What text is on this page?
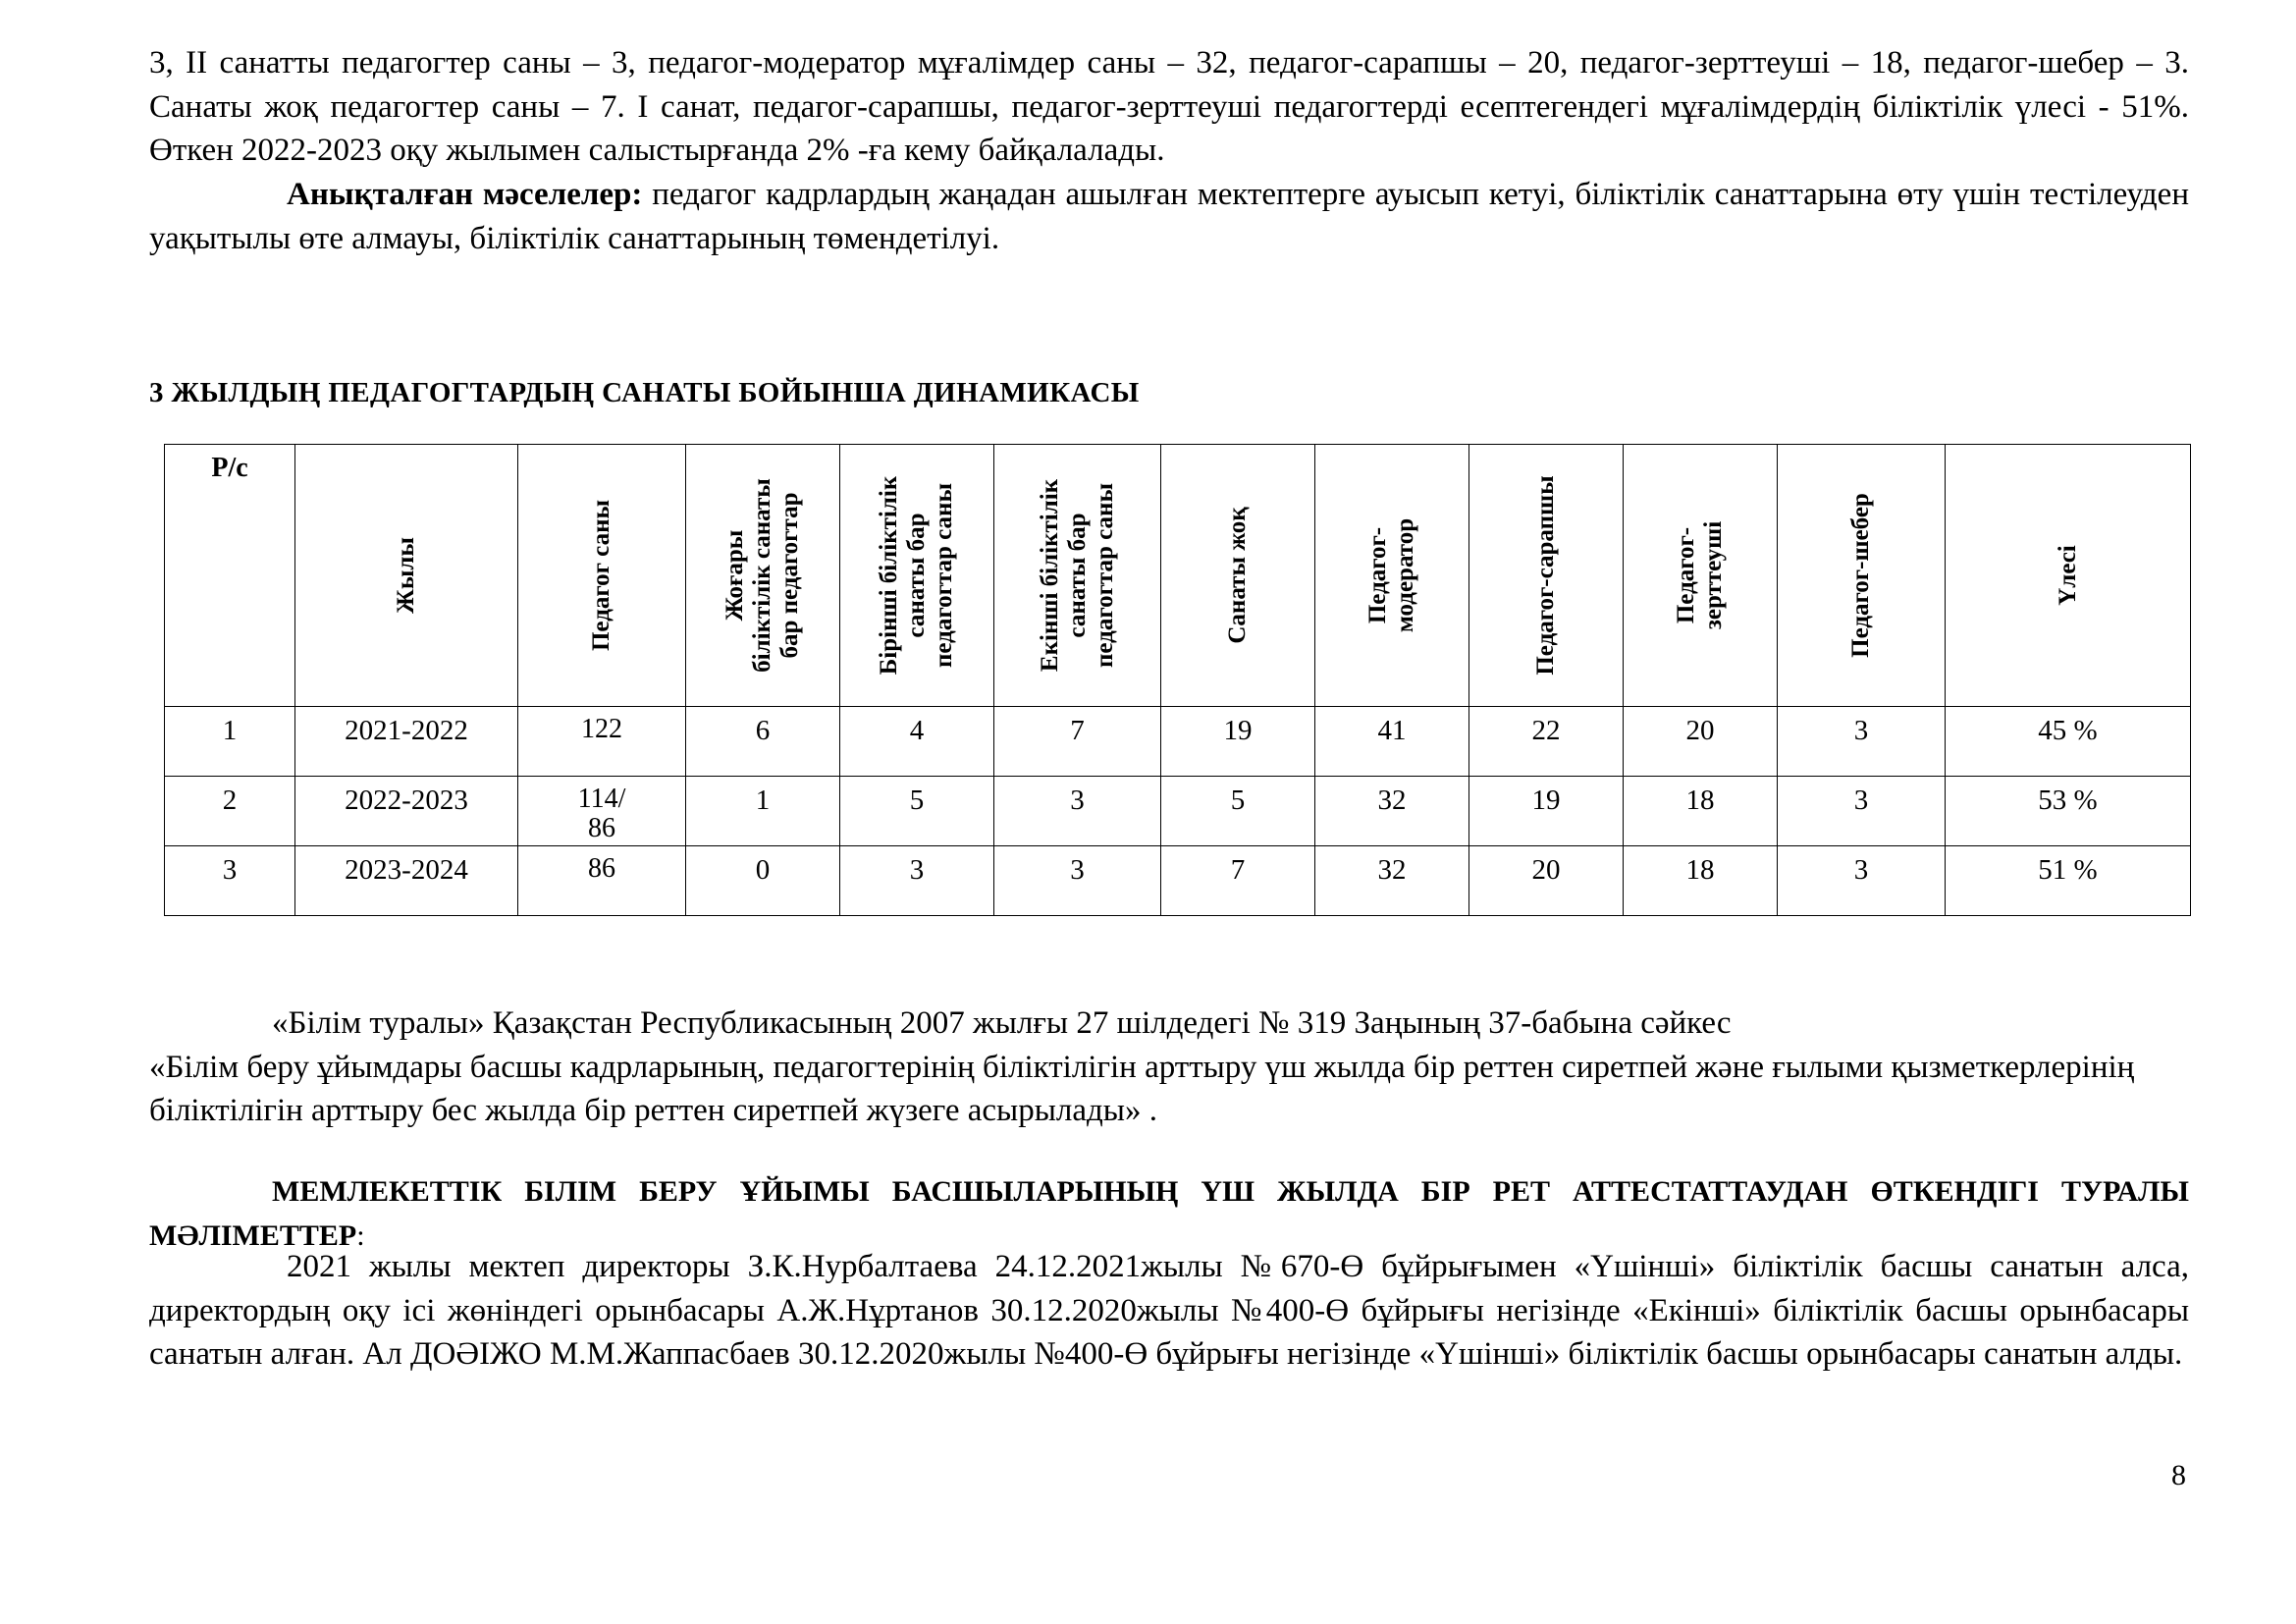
3, II санатты педагогтер саны – 3, педагог-модератор мұғалімдер саны – 32, педагог-сарапшы – 20, педагог-зерттеуші – 18, педагог-шебер – 3. Санаты жоқ педагогтер саны – 7. I санат, педагог-сарапшы, педагог-зерттеуші педагогтерді есептегендегі мұғалімдердің біліктілік үлесі - 51%. Өткен 2022-2023 оқу жылымен салыстырғанда 2% -ға кему байқалалады.

Анықталған мәселелер: педагог кадрлардың жаңадан ашылған мектептерге ауысып кетуі, біліктілік санаттарына өту үшін тестілеуден уақытылы өте алмауы, біліктілік санаттарының төмендетілуі.

3 ЖЫЛДЫҢ ПЕДАГОГТАРДЫҢ САНАТЫ БОЙЫНША ДИНАМИКАСЫ
Р/с	Жылы	Педагог саны	Жоғары
біліктілік санаты
бар педагогтар	Бірінші біліктілік
санаты бар
педагогтар саны	Екінші біліктілік
санаты бар
педагогтар саны	Санаты жоқ	Педагог-
модератор	Педагог-сарапшы	Педагог-
зерттеуші	Педагог-шебер	Үлесі

1	2021-2022	122	6	4	7	19	41	22	20	3	45 %
2	2022-2023	114/
86	1	5	3	5	32	19	18	3	53 %
3	2023-2024	86	0	3	3	7	32	20	18	3	51 %

«Білім туралы» Қазақстан Республикасының 2007 жылғы 27 шілдедегі № 319 Заңының 37-бабына сәйкес
«Білім беру ұйымдары басшы кадрларының, педагогтерінің біліктілігін арттыру үш жылда бір реттен сиретпей және ғылыми қызметкерлерінің біліктілігін арттыру бес жылда бір реттен сиретпей жүзеге асырылады» .

МЕМЛЕКЕТТІК БІЛІМ БЕРУ ҰЙЫМЫ БАСШЫЛАРЫНЫҢ ҮШ ЖЫЛДА БІР РЕТ АТТЕСТАТТАУДАН ӨТКЕНДІГІ ТУРАЛЫ МӘЛІМЕТТЕР:

2021 жылы мектеп директоры З.К.Нурбалтаева 24.12.2021жылы №670-Ө бұйрығымен «Үшінші» біліктілік басшы санатын алса, директордың оқу ісі жөніндегі орынбасары А.Ж.Нұртанов 30.12.2020жылы №400-Ө бұйрығы негізінде «Екінші» біліктілік басшы орынбасары санатын алған. Ал ДОӘІЖО М.М.Жаппасбаев 30.12.2020жылы №400-Ө бұйрығы негізінде «Үшінші» біліктілік басшы орынбасары санатын алды.

8
